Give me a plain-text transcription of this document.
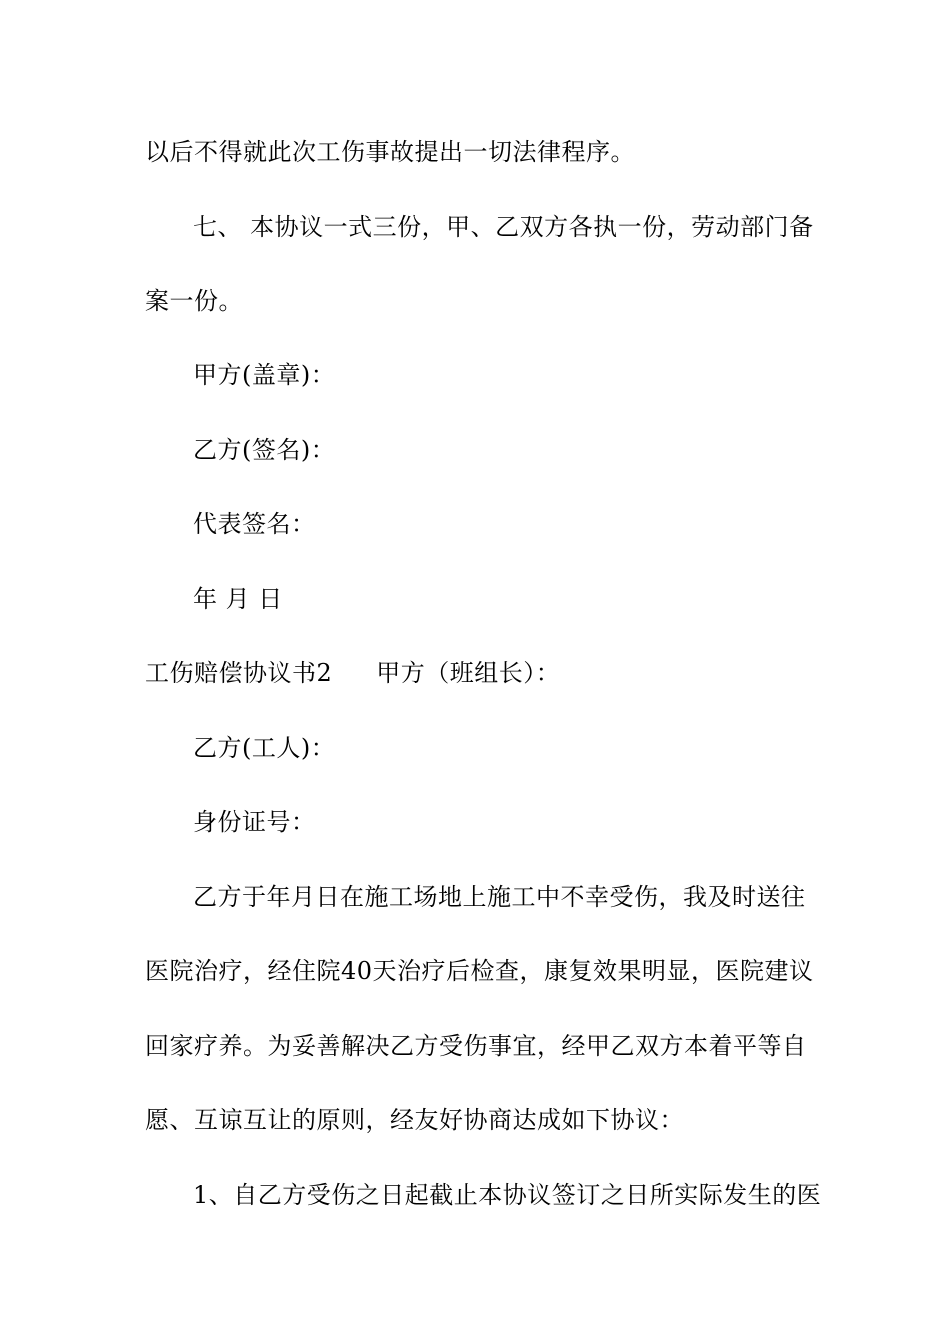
以后不得就此次工伤事故提出一切法律程序。
七、 本协议一式三份，甲、乙双方各执一份，劳动部门备
案一份。
甲方(盖章)：
乙方(签名)：
代表签名：
年 月 日
工伤赔偿协议书2 甲方（班组长）：
乙方(工人)：
身份证号：
乙方于年月日在施工场地上施工中不幸受伤，我及时送往
医院治疗，经住院40天治疗后检查，康复效果明显，医院建议
回家疗养。为妥善解决乙方受伤事宜，经甲乙双方本着平等自
愿、互谅互让的原则，经友好协商达成如下协议：
1、自乙方受伤之日起截止本协议签订之日所实际发生的医
